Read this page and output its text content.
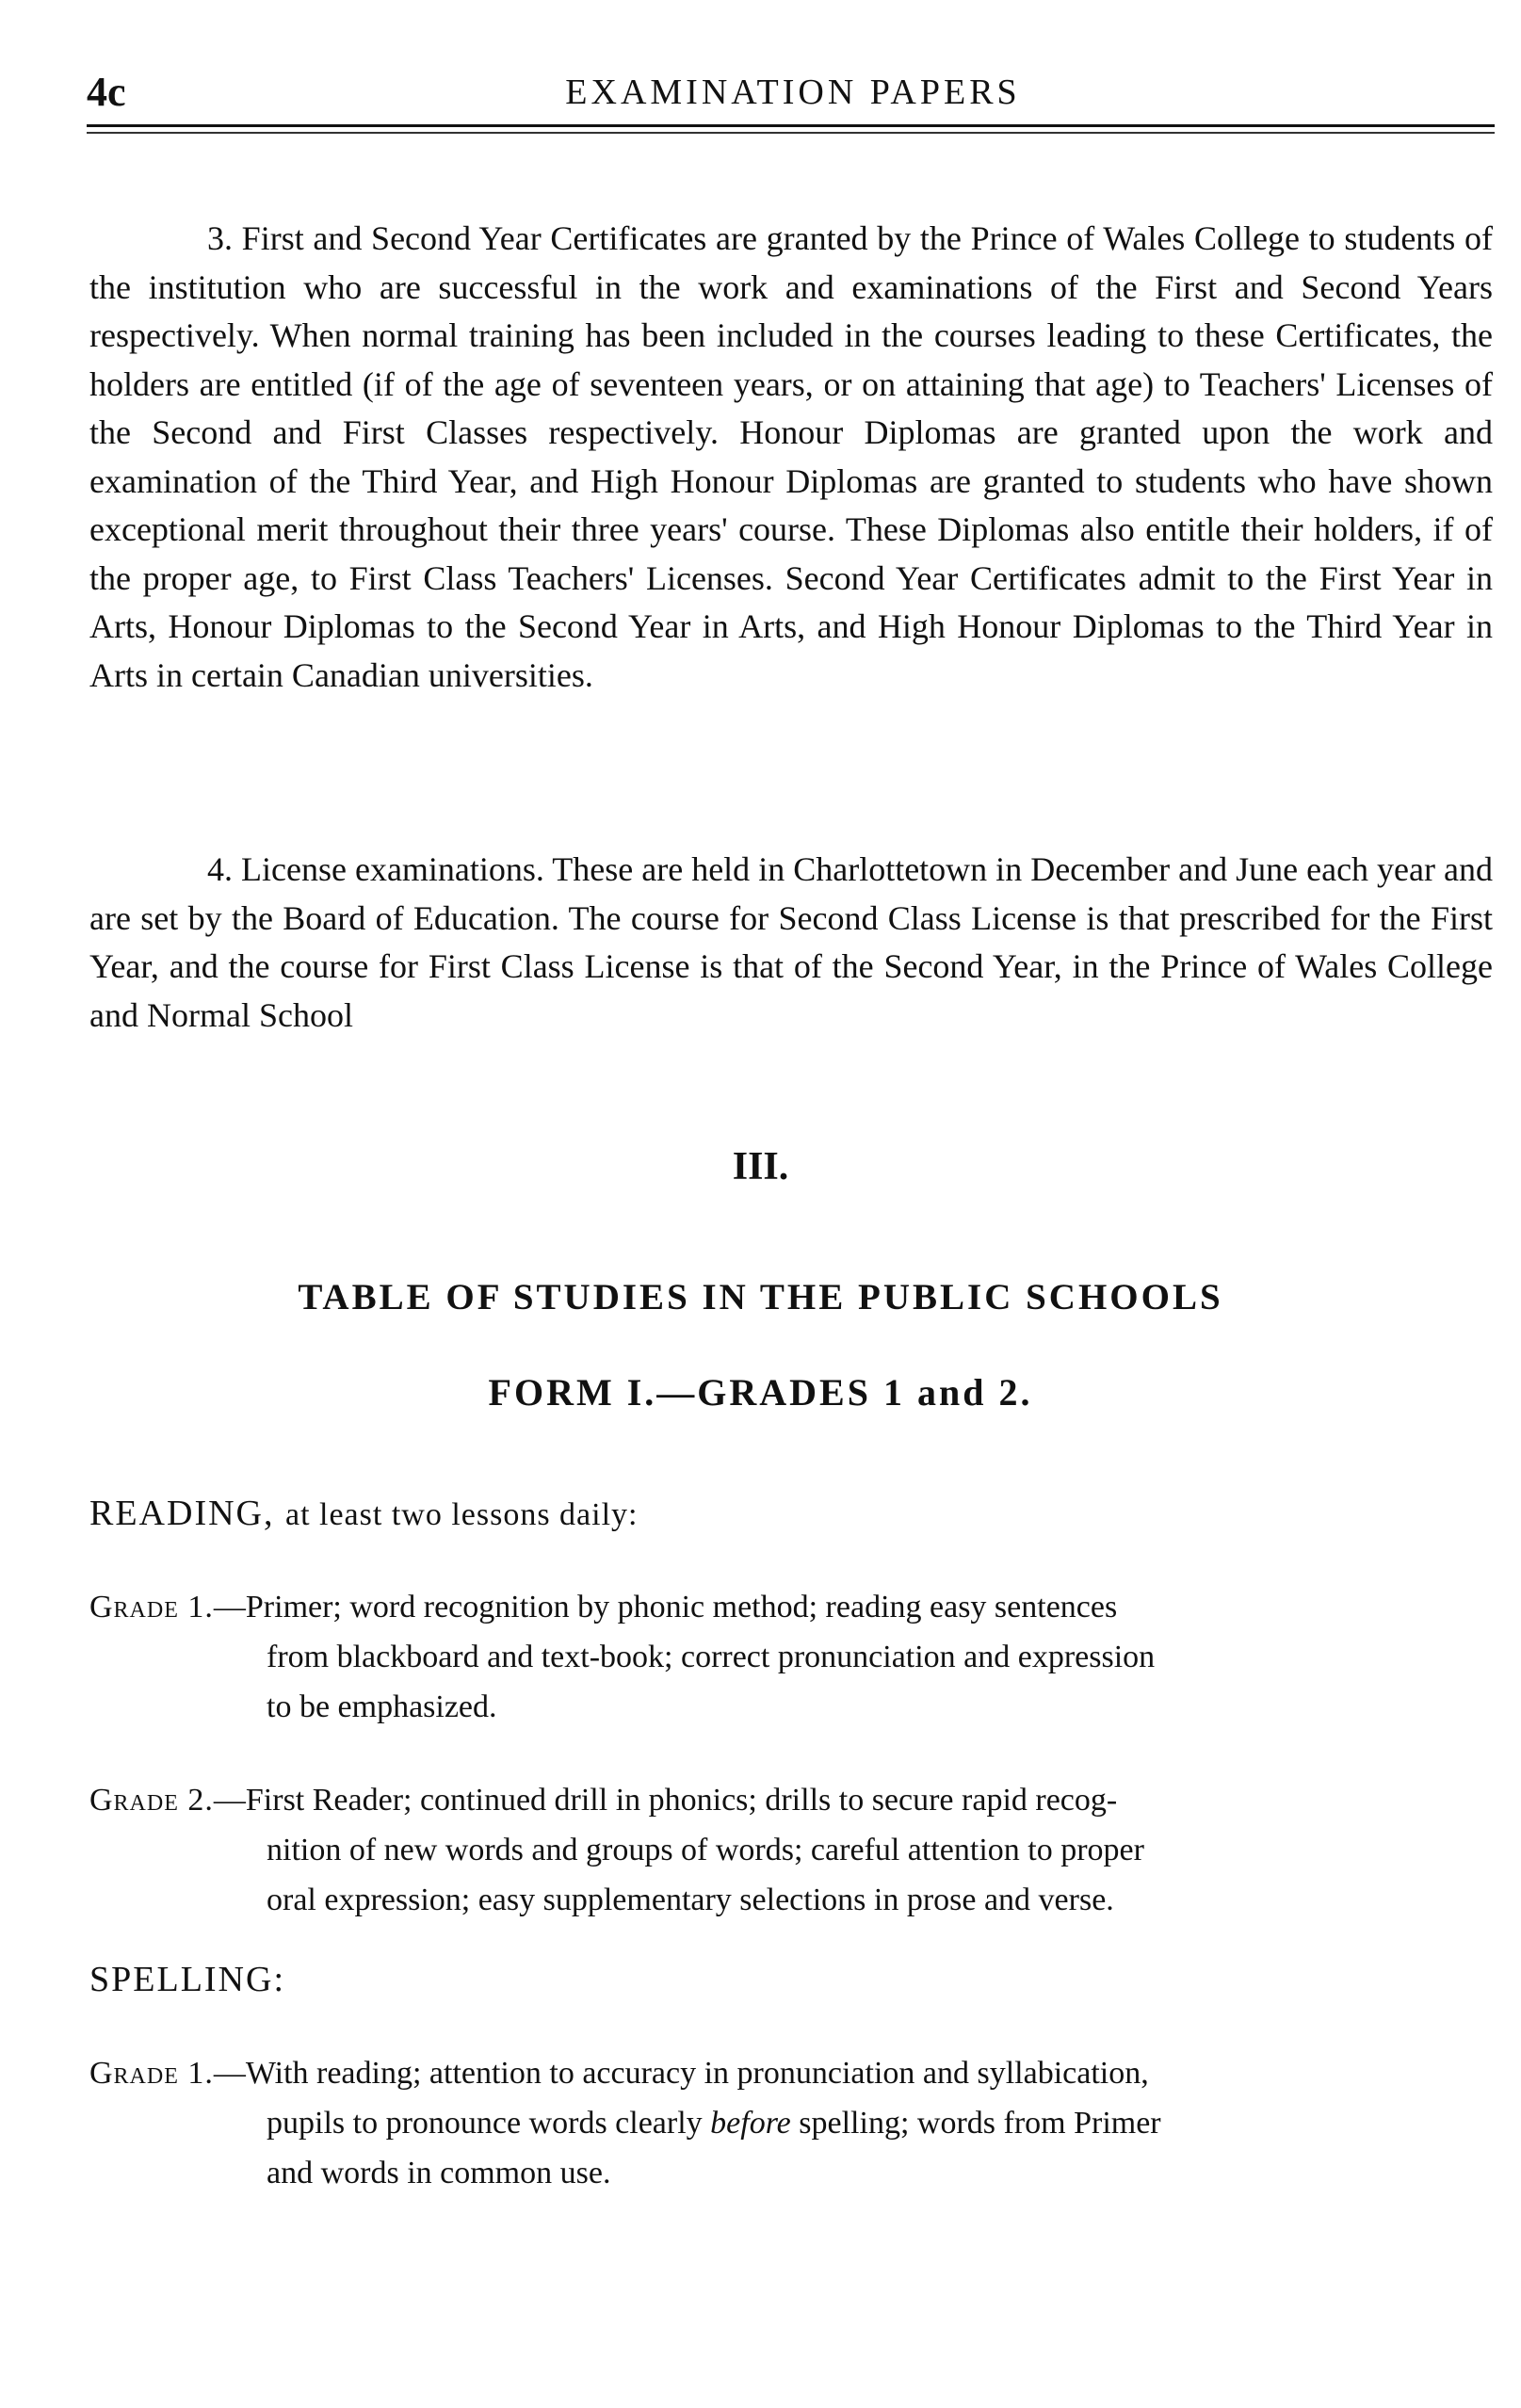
4c	EXAMINATION PAPERS

3. First and Second Year Certificates are granted by the Prince of Wales College to students of the institution who are successful in the work and examinations of the First and Second Years respectively. When normal training has been included in the courses leading to these Certificates, the holders are entitled (if of the age of seventeen years, or on attaining that age) to Teachers' Licenses of the Second and First Classes respectively. Honour Diplomas are granted upon the work and examination of the Third Year, and High Honour Diplomas are granted to students who have shown exceptional merit throughout their three years' course. These Diplomas also entitle their holders, if of the proper age, to First Class Teachers' Licenses. Second Year Certificates admit to the First Year in Arts, Honour Diplomas to the Second Year in Arts, and High Honour Diplomas to the Third Year in Arts in certain Canadian universities.

4. License examinations. These are held in Charlottetown in December and June each year and are set by the Board of Education. The course for Second Class License is that prescribed for the First Year, and the course for First Class License is that of the Second Year, in the Prince of Wales College and Normal School

III.
TABLE OF STUDIES IN THE PUBLIC SCHOOLS
FORM I.—GRADES 1 and 2.
READING, at least two lessons daily:
Grade 1.—Primer; word recognition by phonic method; reading easy sentences
from blackboard and text-book; correct pronunciation and expression
to be emphasized.
Grade 2.—First Reader; continued drill in phonics; drills to secure rapid recog-
nition of new words and groups of words; careful attention to proper
oral expression; easy supplementary selections in prose and verse.
SPELLING:
Grade 1.—With reading; attention to accuracy in pronunciation and syllabication,
pupils to pronounce words clearly before spelling; words from Primer
and words in common use.
